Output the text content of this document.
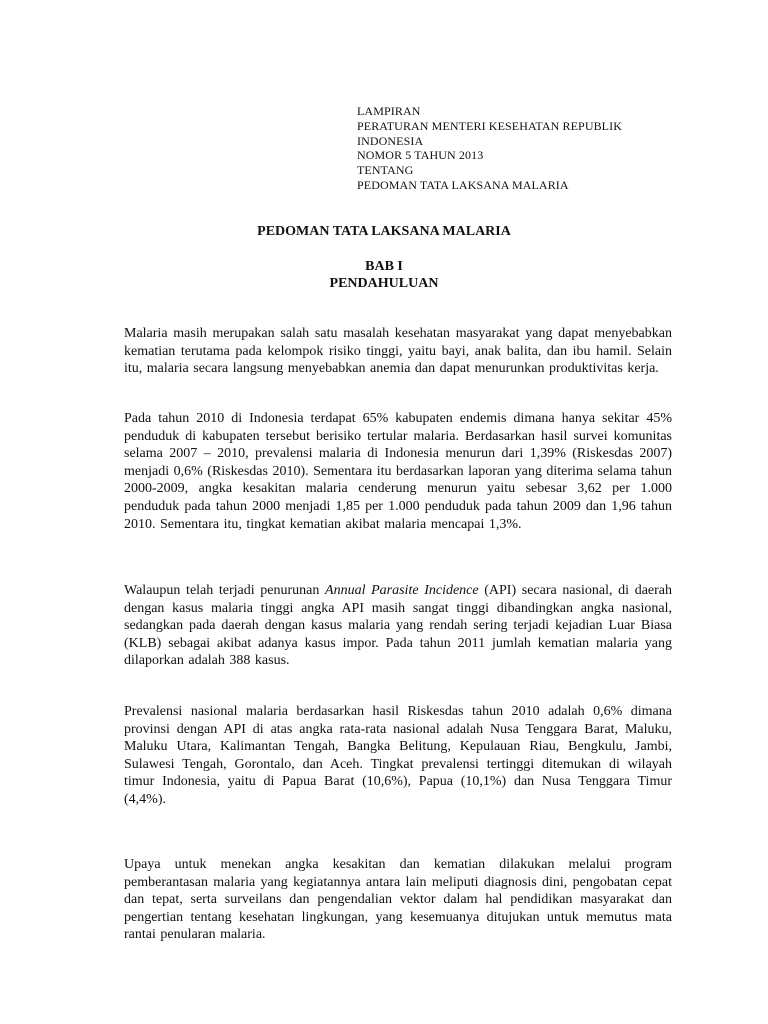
LAMPIRAN
PERATURAN MENTERI KESEHATAN REPUBLIK
INDONESIA
NOMOR 5 TAHUN 2013
TENTANG
PEDOMAN TATA LAKSANA MALARIA
PEDOMAN TATA LAKSANA MALARIA
BAB I
PENDAHULUAN

Malaria masih merupakan salah satu masalah kesehatan masyarakat yang dapat menyebabkan kematian terutama pada kelompok risiko tinggi, yaitu bayi, anak balita, dan ibu hamil. Selain itu, malaria secara langsung menyebabkan anemia dan dapat menurunkan produktivitas kerja.

Pada tahun 2010 di Indonesia terdapat 65% kabupaten endemis dimana hanya sekitar 45% penduduk di kabupaten tersebut berisiko tertular malaria. Berdasarkan hasil survei komunitas selama 2007 – 2010, prevalensi malaria di Indonesia menurun dari 1,39% (Riskesdas 2007) menjadi 0,6% (Riskesdas 2010). Sementara itu berdasarkan laporan yang diterima selama tahun 2000-2009, angka kesakitan malaria cenderung menurun yaitu sebesar 3,62 per 1.000 penduduk pada tahun 2000 menjadi 1,85 per 1.000 penduduk pada tahun 2009 dan 1,96 tahun 2010. Sementara itu, tingkat kematian akibat malaria mencapai 1,3%.

Walaupun telah terjadi penurunan Annual Parasite Incidence (API) secara nasional, di daerah dengan kasus malaria tinggi angka API masih sangat tinggi dibandingkan angka nasional, sedangkan pada daerah dengan kasus malaria yang rendah sering terjadi kejadian Luar Biasa (KLB) sebagai akibat adanya kasus impor. Pada tahun 2011 jumlah kematian malaria yang dilaporkan adalah 388 kasus.

Prevalensi nasional malaria berdasarkan hasil Riskesdas tahun 2010 adalah 0,6% dimana provinsi dengan API di atas angka rata-rata nasional adalah Nusa Tenggara Barat, Maluku, Maluku Utara, Kalimantan Tengah, Bangka Belitung, Kepulauan Riau, Bengkulu, Jambi, Sulawesi Tengah, Gorontalo, dan Aceh. Tingkat prevalensi tertinggi ditemukan di wilayah timur Indonesia, yaitu di Papua Barat (10,6%), Papua (10,1%) dan Nusa Tenggara Timur (4,4%).

Upaya untuk menekan angka kesakitan dan kematian dilakukan melalui program pemberantasan malaria yang kegiatannya antara lain meliputi diagnosis dini, pengobatan cepat dan tepat, serta surveilans dan pengendalian vektor dalam hal pendidikan masyarakat dan pengertian tentang kesehatan lingkungan, yang kesemuanya ditujukan untuk memutus mata rantai penularan malaria.
